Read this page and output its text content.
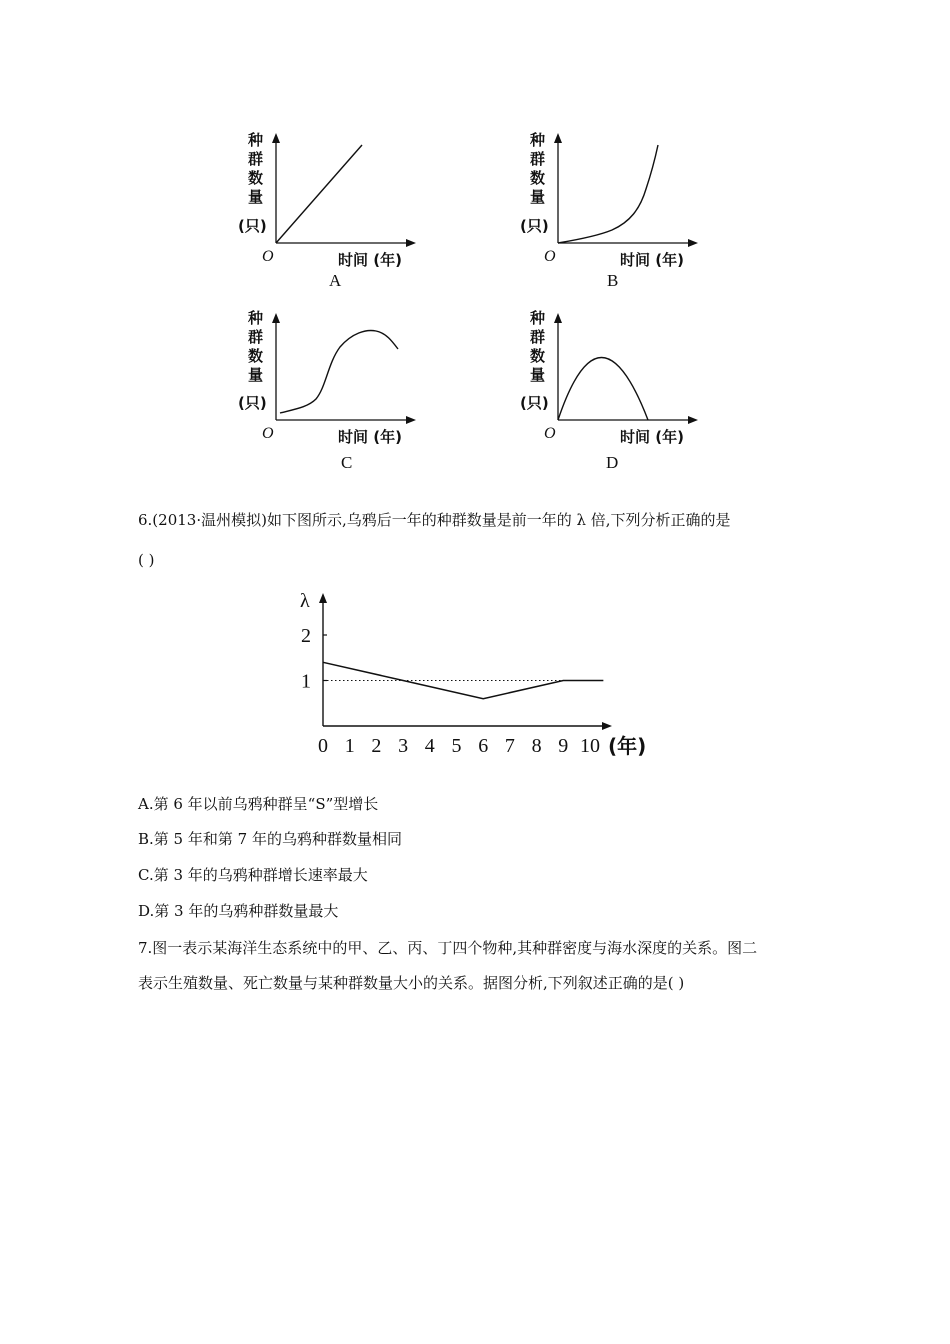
种
群
数
量
(只)
O	时间 (年)
A
种
群
数
量
(只)
O	时间 (年)
B
种
群
数
量
(只)
O	时间 (年)
C
种
群
数
量
(只)
O	时间 (年)
D
6.(2013·温州模拟)如下图所示,乌鸦后一年的种群数量是前一年的 λ 倍,下列分析正确的是
( )
λ
0 1 2 3 4 5 6 7 8 9 10 (年)
1
2
A.第 6 年以前乌鸦种群呈“S”型增长
B.第 5 年和第 7 年的乌鸦种群数量相同
C.第 3 年的乌鸦种群增长速率最大
D.第 3 年的乌鸦种群数量最大
7.图一表示某海洋生态系统中的甲、乙、丙、丁四个物种,其种群密度与海水深度的关系。图二
表示生殖数量、死亡数量与某种群数量大小的关系。据图分析,下列叙述正确的是( )
